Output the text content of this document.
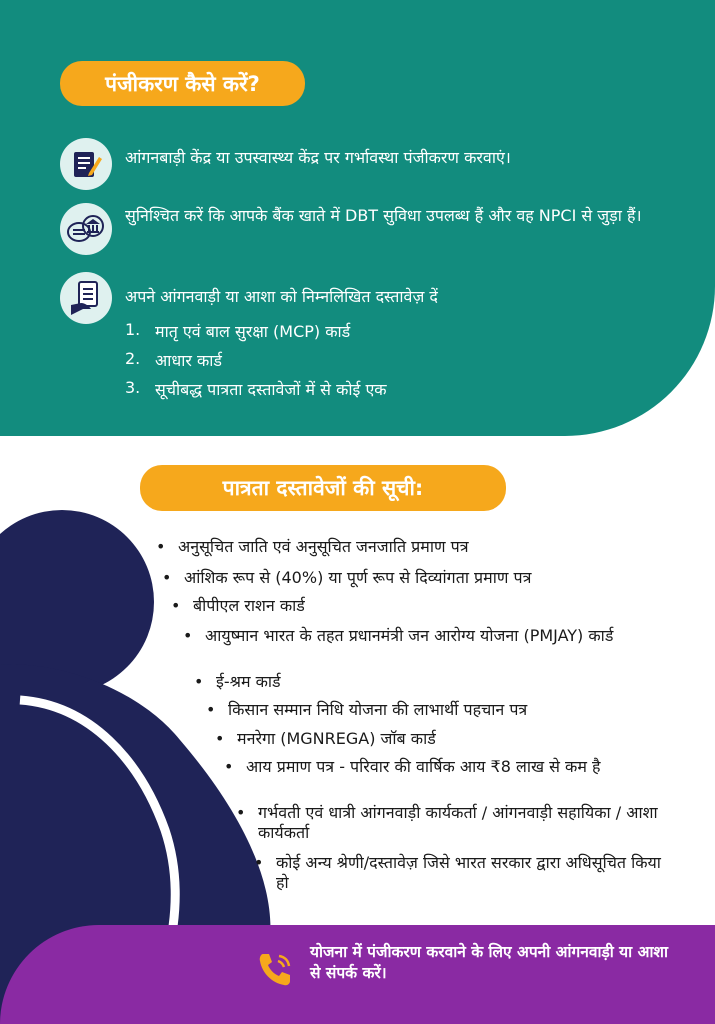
पंजीकरण कैसे करें?
आंगनबाड़ी केंद्र या उपस्वास्थ्य केंद्र पर गर्भावस्था पंजीकरण करवाएं।
सुनिश्चित करें कि आपके बैंक खाते में DBT सुविधा उपलब्ध हैं और वह NPCI से जुड़ा हैं।
अपने आंगनवाड़ी या आशा को निम्नलिखित दस्तावेज़ दें
1. मातृ एवं बाल सुरक्षा (MCP) कार्ड
2. आधार कार्ड
3. सूचीबद्ध पात्रता दस्तावेजों में से कोई एक
पात्रता दस्तावेजों की सूची:
• अनुसूचित जाति एवं अनुसूचित जनजाति प्रमाण पत्र
• आंशिक रूप से (40%) या पूर्ण रूप से दिव्यांगता प्रमाण पत्र
• बीपीएल राशन कार्ड
• आयुष्मान भारत के तहत प्रधानमंत्री जन आरोग्य योजना (PMJAY) कार्ड
• ई-श्रम कार्ड
• किसान सम्मान निधि योजना की लाभार्थी पहचान पत्र
• मनरेगा (MGNREGA) जॉब कार्ड
• आय प्रमाण पत्र - परिवार की वार्षिक आय ₹8 लाख से कम है
• गर्भवती एवं धात्री आंगनवाड़ी कार्यकर्ता / आंगनवाड़ी सहायिका / आशा कार्यकर्ता
• कोई अन्य श्रेणी/दस्तावेज़ जिसे भारत सरकार द्वारा अधिसूचित किया हो
योजना में पंजीकरण करवाने के लिए अपनी आंगनवाड़ी या आशा से संपर्क करें।
